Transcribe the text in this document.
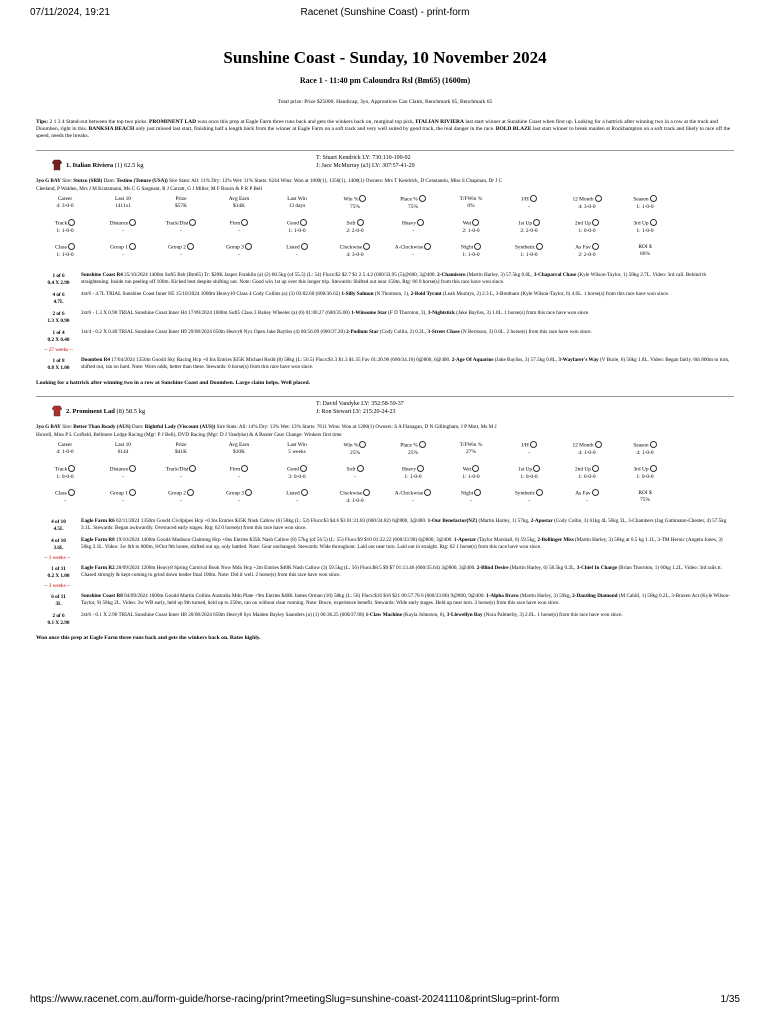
07/11/2024, 19:21	Racenet (Sunshine Coast) - print-form
Sunshine Coast - Sunday, 10 November 2024
Race 1 - 11:40 pm Caloundra Rsl (Bm65) (1600m)
Total prize: Prize $25000. Handicap, 3yo, Apprentices Can Claim, Benchmark 65, Benchmark 65
Tips: 2 1 3 4 Stand-out between the top two picks. PROMINENT LAD won once this prep at Eagle Farm three runs back and gets the winkers back on, marginal top pick. ITALIAN RIVIERA last start winner at Sunshine Coast when first up. Looking for a hattrick after winning two in a row at the track and Doomben, right in this. BANKSIA BEACH only just missed last start, finishing half a length back from the winner at Eagle Farm on a soft track and very well suited by good track, the real danger in the race. BOLD BLAZE last start winner to break maiden at Rockhampton on a soft track and likely to race off the speed, needs the breaks.
1. Italian Riviera (1) 62.5 kg
T: Stuart Kendrick LY: 730:110-100-92
J: Jace McMurray (a3) LY: 307:57-41-29
3yo G BAY Sire: Stutzo (SRB) Dam: Testino (Tenure (USA)) Sire Stats: All: 11% Dry: 12% Wet: 11% Starts: 6244 Wins: Won at 1000(1), 1350(1), 1400(1) Owners: Mrs T Kendrick, D Constantin, Miss S Chapman, Dr J C
Cleeland, P Walden, Mrs J M Kratzmann, Ms C G Sargeant, R J Carratt, G J Miller, M F Bourn & P R P Bell
Career
4: 3-0-0
Last 10
1411x1
Prize
$57K
Avg Earn
$14K
Last Win
13 days
Win %
75%
Place %
75%
T/FWin %
0%
J/H
-
12 Month
4: 3-0-0
Season
1: 1-0-0
Track
1: 1-0-0
Distance
-
Track/Dist
-
Firm
-
Good
1: 1-0-0
Soft
2: 2-0-0
Heavy
-
Wet
2: 1-0-0
1st Up
2: 2-0-0
2nd Up
1: 0-0-0
3rd Up
1: 1-0-0
Class
1: 1-0-0
Group 1
-
Group 2
-
Group 3
-
Listed
-
Clockwise
4: 3-0-0
A-Clockwise
-
Night
1: 1-0-0
Synthetic
1: 1-0-0
As Fav
2: 2-0-0
ROI $
66%
1 of 6
0.4 X 2.90
Sunshine Coast R4 25/10/2024 1400m Soft5 Bsb (Bm65) Tr: $20K Jasper Franklin (a) (2) 60.5kg (of 55.5) (L: 54) Flucs:$2 $2.7 $1 2.5 4.2 (600/33.95 (5)@600, 3@400. 2-Chamisero (Martin Harley, 3) 57.5kg 0.6L, 3-Chaparral Chase (Kyle Wilson-Taylor, 1) 58kg 2.7L. Video: 3rd call. Behind th straightening. Inside run peeling off 100m. Kicked best despite shifting out. Note: Good win 1st up over this longer trip. Stewards: Shifted out near 150m. Rtg: 66 0 horse(s) from this race have won since.
4 of 6
4.7L
4st/6 - 4.7L TRIAL Sunshine Coast Inner H5 15/10/2024 1000m Heavy10 Class 4 Cody Collins (a) (3) 03:02.60 (600/36.62) 1-Silly Salmon (N Thomson, 1), 2-Bold Tyrant (Leah Murrays, 2) 2.3 L, 3-Brednaro (Kyle Wilson-Taylor, 6) 4.6L. 1 horse(s) from this race have won since.
2 of 6
1.3 X 0.90
2st/6 - 1.3 X 0.90 TRIAL Sunshine Coast Inner H4 17/09/2024 1000m Soft5 Class 3 Bailey Wheeler (a) (6) 01:00.27 (600/35.00) 1-Winsome Star (F D Thornton, 3), 3-Nightstick (Jake Bayliss, 3) 1.0L. 1 horse(s) from this race have won since.
1 of 4
0.2 X 0.40
1st/4 - 0.2 X 0.40 TRIAL Sunshine Coast Inner H9 29/08/2024 650m Heavy8 Nyx Open Jake Bayliss (4) 00:56.09 (600/37.20) 2-Podium Star (Cody Collin, 2) 0.2L, 3-Street Chase (N Berisson, 3) 0.6L. 2 horse(s) from this race have won since.
-- 27 weeks --
1 of 8
0.8 X 1.00
Doomben R4 17/04/2024 1350m Good4 Sky Racing Hcp +0 Ins Entries $35K Michael Rodd (8) 58kg (L: 56.5) Flucs:$1.3 $1.3 $1.35 Fav 01:20.96 (600/34.16) 6@800, 6@400. 2-Age Of Aquarius (Jake Bayliss, 3) 57.5kg 0.8L, 3-Wayfarer's Way (V Burie, 6) 56kg 1.8L. Video: Began fairly. 6th 800m to turn, shifted out, ran on hard. Note: Worn odds, better than these. Stewards: 0 horse(s) from this race have won since.
Looking for a hattrick after winning two in a row at Sunshine Coast and Doomben. Large claim helps. Well placed.
2. Prominent Lad (8) 58.5 kg
T: David Vandyke LY: 352:58-59-37
J: Ron Stewart LY: 215:20-24-23
3yo G BAY Sire: Better Than Ready (AUS) Dam: Rightful Lady (Viscount (AUS)) Sire Stats: All: 14% Dry: 13% Wet: 13% Starts: 7611 Wins: Won at 1200(1) Owners: S A Flanagan, D N Gillingham, J P Mott, Ms M J
Howell, Miss P L Corfield, Bellmere Lodge Racing (Mgr: P J Bell), DVD Racing (Mgr: D J Vandyke) & A Baxter Gear Change: Winkers first time
Career
4: 1-0-0
Last 10
6144
Prize
$41K
Avg Earn
$10K
Last Win
5 weeks
Win %
25%
Place %
25%
T/FWin %
27%
J/H
-
12 Month
4: 1-0-0
Season
4: 1-0-0
Track
1: 0-0-0
Distance
-
Track/Dist
-
Firm
-
Good
3: 0-0-0
Soft
-
Heavy
1: 1-0-0
Wet
1: 1-0-0
1st Up
1: 0-0-0
2nd Up
1: 0-0-0
3rd Up
1: 0-0-0
Class
-
Group 1
-
Group 2
-
Group 3
-
Listed
-
Clockwise
4: 1-0-0
A-Clockwise
-
Night
-
Synthetic
-
As Fav
-
ROI $
75%
4 of 10
4.5L
Eagle Farm R6 02/11/2024 1350m Good4 Civilpipes Hcp +0 Ins Entries $35K Nash Callow (6) 58kg (L: 52) Flucs:$3 $4.6 $3 01:21.83 (600/34.82) 6@800, 3@400. 1-Our Benefactor(NZ) (Martin Harley, 1) 57kg, 2-Apostar (Cody Collin, 3) 61kg 4L 56kg 3L, 3-Chambers (Jag Guthmann-Chester, 4) 57.5kg 3.1L. Stewards: Began awkwardly. Overraced early stages. Rtg: 62 0 horse(s) from this race have won since.
4 of 10
3.6L
Eagle Farm R8 19/10/2024 1400m Good4 Madison Claiming Hcp +0ns Entries $35K Nash Callow (8) 57kg (of 56.5) (L: 55) Flucs:$9 $10 01:22.22 (600/33.90) 6@800, 3@400. 1-Apostar (Taylor Marshall, 6) 59.5kg, 2-Bollinger Miss (Martin Harley, 3) 56kg at 0.5 kg 1.1L, 3-TM Heroic (Angela Jones, 3) 56kg 3.1L. Video: 3w 6th to 800m, 8/Out 9th home, shifted out up, only battled. Note: Gear unchanged. Stewards: Wide throughout. Laid out near turn. Laid out in straight. Rtg: 62 1 horse(s) from this race have won since.
-- 3 weeks --
1 of 11
0.2 X 1.00
Eagle Farm R2 28/09/2024 1200m Heavy8 Spring Carnival Book Now Mdn Hcp +2m Entries $40K Nash Callow (3) 59.5kg (L: 56) Flucs:$8.5 $9 $7 01:13.46 (600/35.64) 3@800, 3@400. 2-Blind Desire (Martin Harley, 6) 58.5kg 0.2L, 3-Chief In Charge (Brian Thornton, 1) 60kg 1.2L. Video: 3rd rails tt. Chased strongly & kept coming to grind down leader final 100m. Note: Did it well. 2 horse(s) from this race have won since.
-- 3 weeks --
6 of 11
3L
Sunshine Coast R8 04/09/2024 1600m Good4 Martin Collins Australia Mdn Plate +9m Entries $40K James Orman (10) 58kg (L: 56) Flucs:$16 $16 $21 00:57.78 6 (600/33.86) 9@800, 9@400. 1-Alpha Bravo (Martin Harley, 3) 59kg, 2-Dazzling Diamond (M Cahill, 1) 58kg 0.2L, 3-Braxen Act (Kyle Wilson-Taylor, 9) 58kg 2L. Video: 3w WB early, held up 9th turned, held up to 250m, ran on without clear running. Note: Bruce, experience benefit. Stewards: Wide early stages. Held up near turn. 3 horse(s) from this race have won since.
2 of 6
0.1 X 2.90
2st/6 - 0.1 X 2.90 TRIAL Sunshine Coast Inner H8 20/08/2024 650m Heavy8 Sys Maiden Bayley Saunders (a) (1) 00:36.25 (600/37.00) 1-Claw Machine (Kayla Johnston, 6), 3-Llewellyn Bay (Nora Palmerby, 3) 2.6L. 1 horse(s) from this race have won since.
Won once this prep at Eagle Farm three runs back and gets the winkers back on. Rates highly.
https://www.racenet.com.au/form-guide/horse-racing/print?meetingSlug=sunshine-coast-20241110&printSlug=print-form	1/35
